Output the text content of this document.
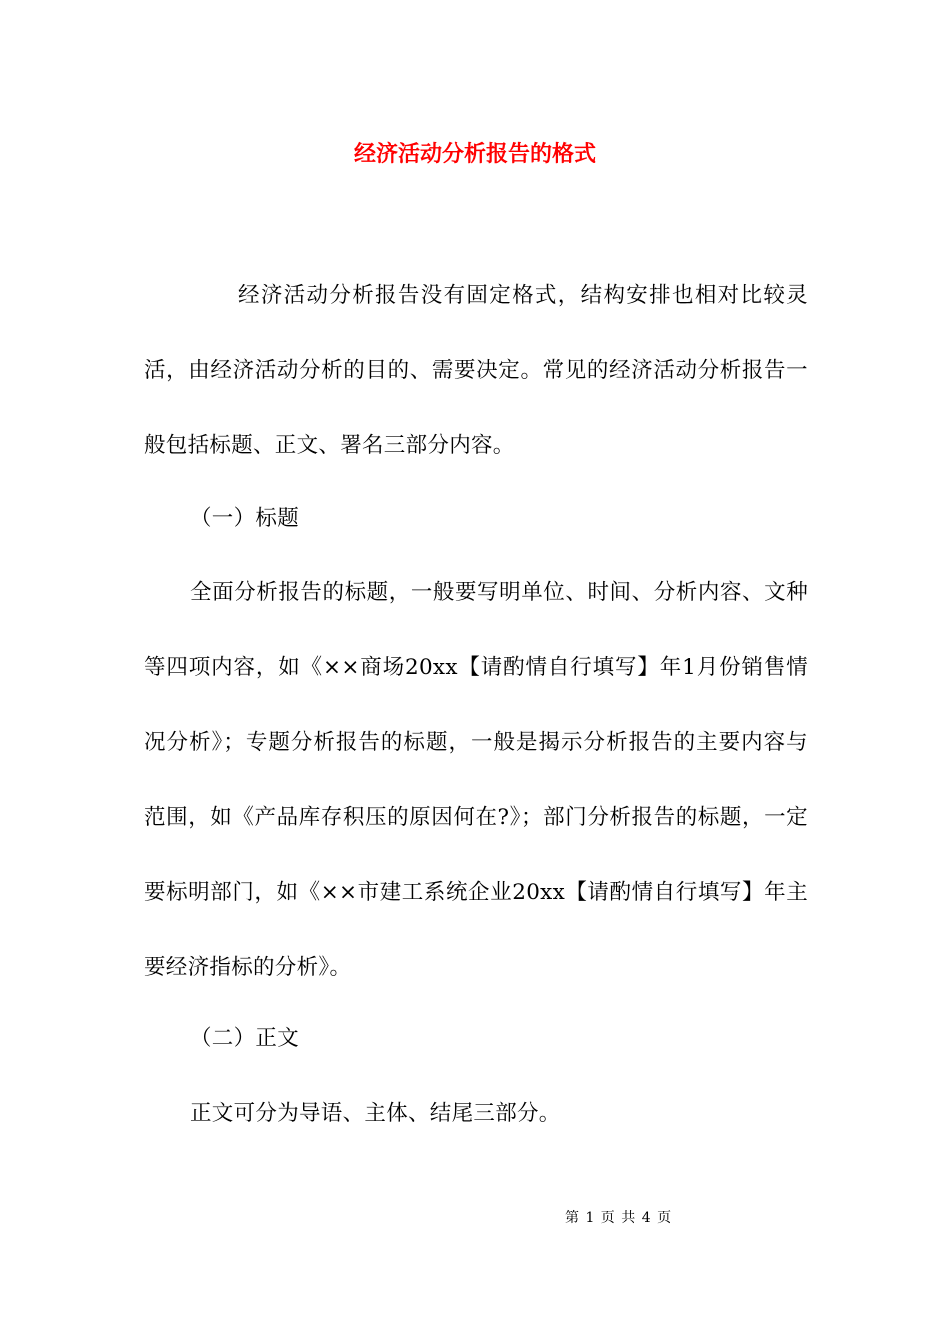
经济活动分析报告的格式

经济活动分析报告没有固定格式，结构安排也相对比较灵活，由经济活动分析的目的、需要决定。常见的经济活动分析报告一般包括标题、正文、署名三部分内容。

（一）标题

全面分析报告的标题，一般要写明单位、时间、分析内容、文种等四项内容，如《××商场20xx【请酌情自行填写】年1月份销售情况分析》；专题分析报告的标题，一般是揭示分析报告的主要内容与范围，如《产品库存积压的原因何在?》；部门分析报告的标题，一定要标明部门，如《××市建工系统企业20xx【请酌情自行填写】年主要经济指标的分析》。

（二）正文

正文可分为导语、主体、结尾三部分。

第 1 页 共 4 页
